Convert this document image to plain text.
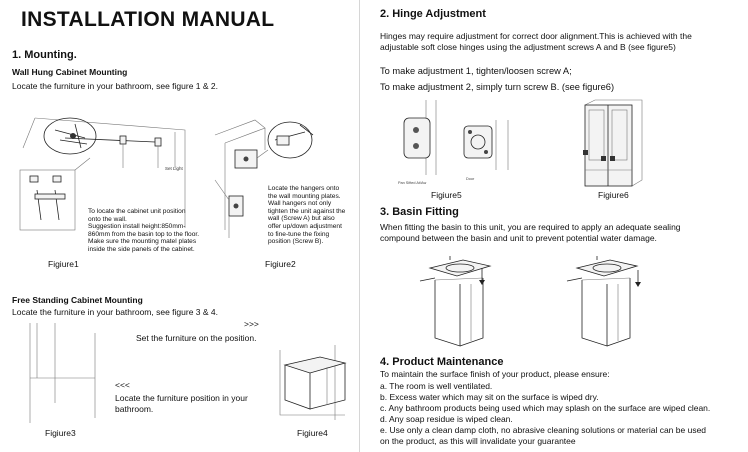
INSTALLATION MANUAL
1. Mounting.
Wall Hung Cabinet Mounting
Locate the furniture in your bathroom, see figure 1 & 2.
Set Light
To locate the cabinet unit position
onto the wall.
Suggestion install height:850mm-
860mm from the basin top to the floor.
Make sure the mounting matel plates
inside the side panels of the cabinet.
Figiure1
Locate the hangers onto
the wall mounting plates.
Wall hangers not only
tighten the unit against the
wall (Screw A) but also
offer up/down adjustment
to fine-tune the fixing
position (Screw B).
Figiure2
Free Standing Cabinet Mounting
Locate the furniture in your bathroom, see figure 3 & 4.
Figiure3
>>>
Set the furniture on the position.
<<<
Locate the furniture position in your
bathroom.
Figiure4
2. Hinge Adjustment
Hinges may require adjustment for correct door alignment.This is achieved with the
adjustable soft close hinges using the adjustment screws A and B (see figure5)
To make adjustment 1, tighten/loosen screw A;
To make adjustment 2, simply turn screw B. (see figure6)
Pan Sifted At/Aw
Door
Figiure5	Figiure6
3. Basin Fitting
When fitting the basin to this unit, you are required to apply an adequate sealing
compound between the basin and unit to prevent potential water damage.
4. Product Maintenance
To maintain the surface finish of your product, please ensure:
a. The room is well ventilated.
b. Excess water which may sit on the surface is wiped dry.
c. Any bathroom products being used which may splash on the surface are wiped clean.
d. Any soap residue is wiped clean.
e. Use only a clean damp cloth, no abrasive cleaning solutions or material can be used
on the product, as this will invalidate your guarantee
